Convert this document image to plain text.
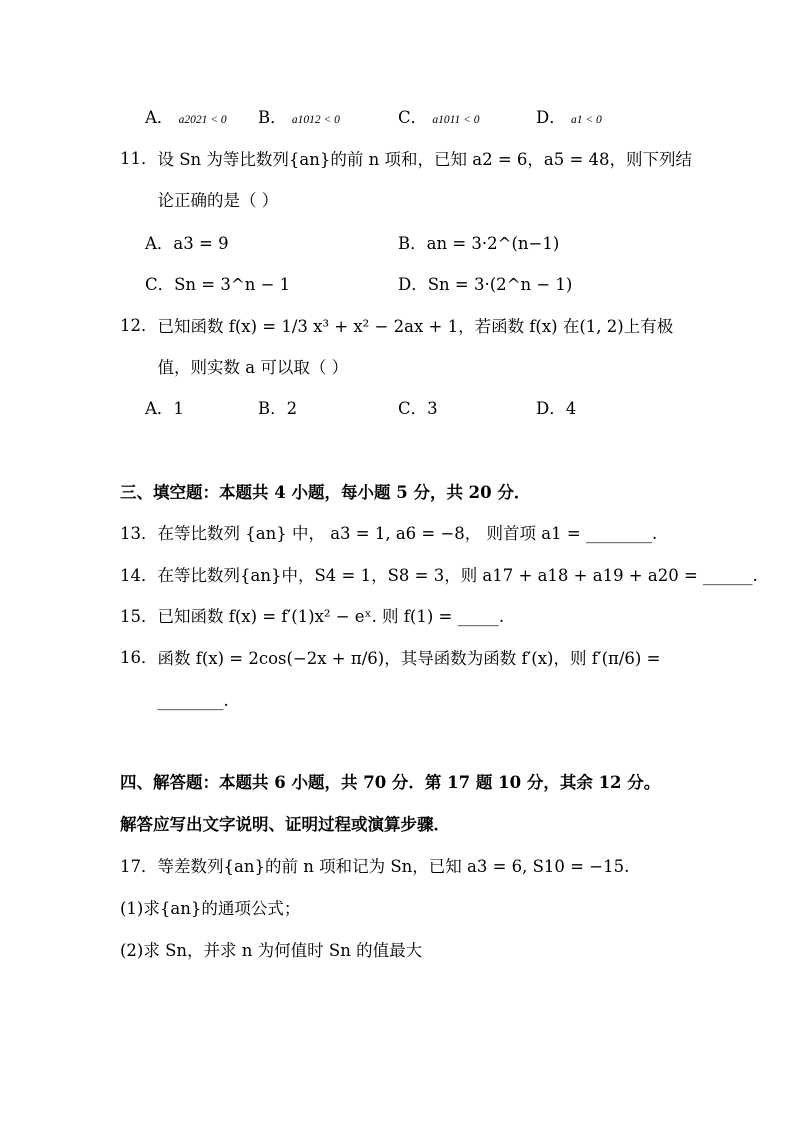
A． a2021 < 0 B． a1012 < 0	C． a1011 < 0	D． a1 < 0
11．设 Sn 为等比数列{an}的前 n 项和，已知 a2 = 6，a5 = 48，则下列结论正确的是（ ）
A．a3 = 9	B．an = 3·2^(n−1)
C．Sn = 3^n − 1	D．Sn = 3·(2^n − 1)
12．已知函数 f(x) = 1/3 x³ + x² − 2ax + 1，若函数 f(x) 在(1, 2)上有极值，则实数 a 可以取（ ）
A．1	B．2	C．3	D．4
三、填空题：本题共 4 小题，每小题 5 分，共 20 分．
13．在等比数列 {an} 中， a3 = 1, a6 = −8， 则首项 a1 = ________.
14．在等比数列{an}中，S4 = 1，S8 = 3，则 a17 + a18 + a19 + a20 = ______.
15．已知函数 f(x) = f′(1)x² − eˣ. 则 f(1) = _____.
16．函数 f(x) = 2cos(−2x + π/6)，其导函数为函数 f′(x)，则 f′(π/6) = ________.
四、解答题：本题共 6 小题，共 70 分．第 17 题 10 分，其余 12 分。
解答应写出文字说明、证明过程或演算步骤．
17．等差数列{an}的前 n 项和记为 Sn，已知 a3 = 6, S10 = −15.
(1)求{an}的通项公式；
(2)求 Sn，并求 n 为何值时 Sn 的值最大
